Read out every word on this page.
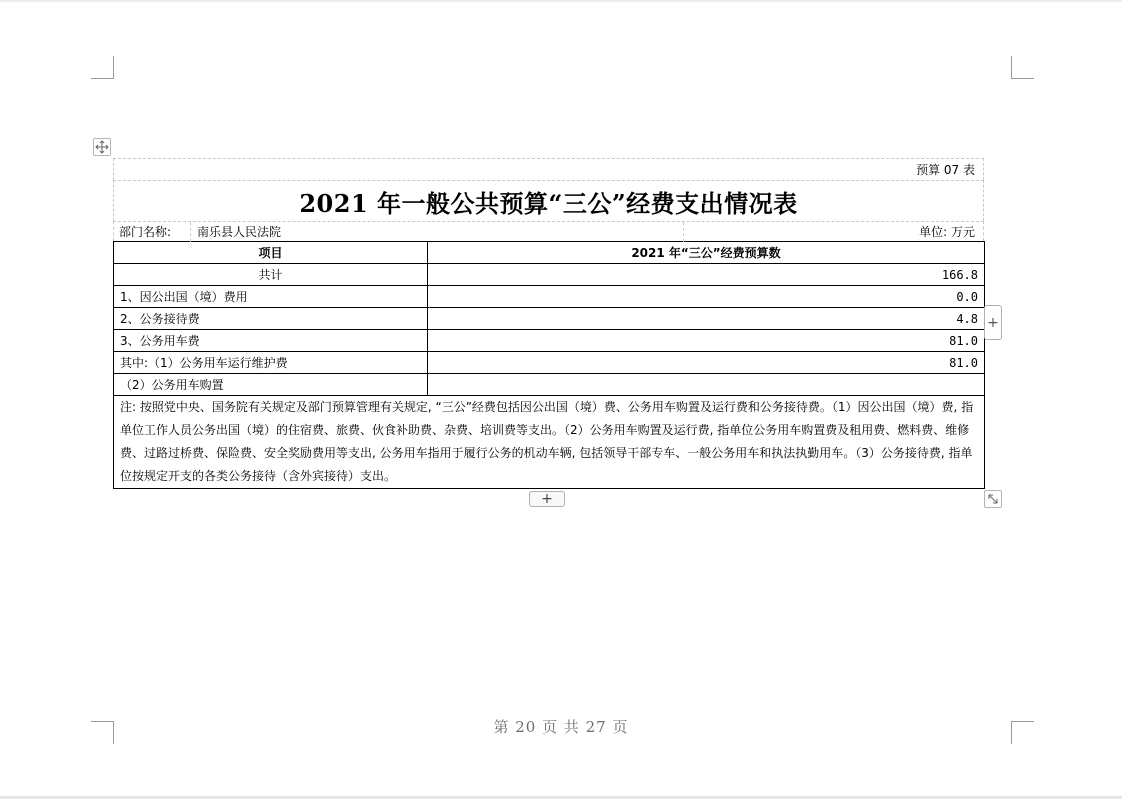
预算 07 表
2021 年一般公共预算“三公”经费支出情况表
部门名称:	南乐县人民法院	单位: 万元
项目	2021 年“三公”经费预算数
共计	166.8
1、因公出国（境）费用	0.0
2、公务接待费	4.8
3、公务用车费	81.0
其中:（1）公务用车运行维护费	81.0
（2）公务用车购置	
注: 按照党中央、国务院有关规定及部门预算管理有关规定, “三公”经费包括因公出国（境）费、公务用车购置及运行费和公务接待费。（1）因公出国（境）费, 指单位工作人员公务出国（境）的住宿费、旅费、伙食补助费、杂费、培训费等支出。（2）公务用车购置及运行费, 指单位公务用车购置费及租用费、燃料费、维修费、过路过桥费、保险费、安全奖励费用等支出, 公务用车指用于履行公务的机动车辆, 包括领导干部专车、一般公务用车和执法执勤用车。（3）公务接待费, 指单位按规定开支的各类公务接待（含外宾接待）支出。	
+
+
第 20 页 共 27 页
